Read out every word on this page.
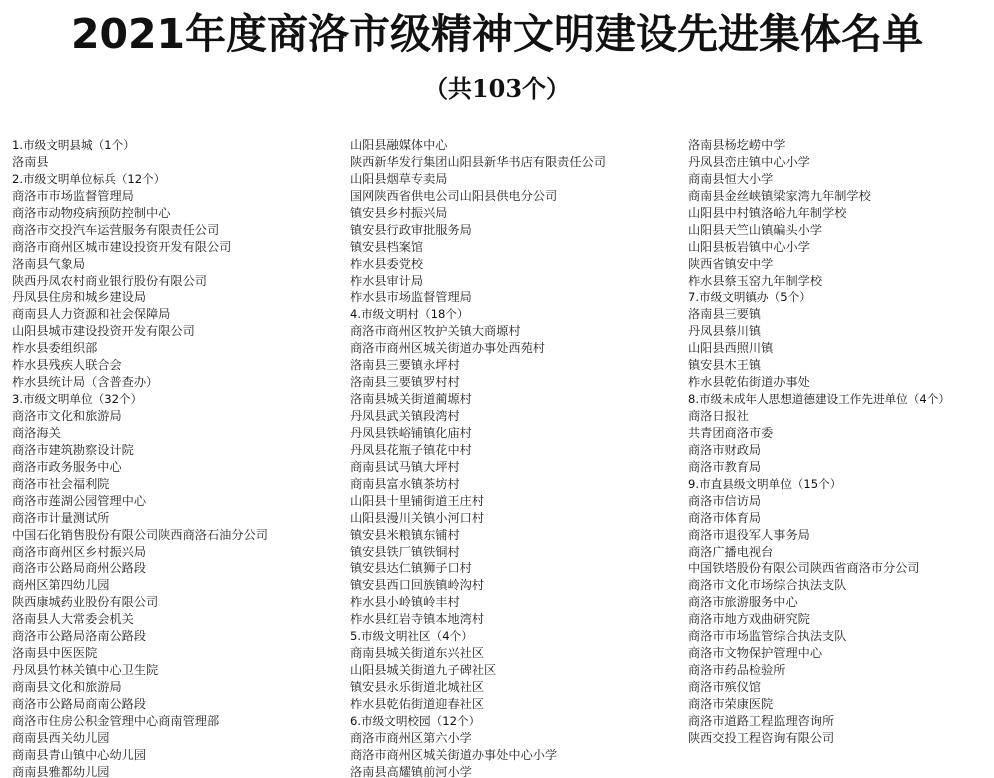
2021年度商洛市级精神文明建设先进集体名单
（共103个）
1.市级文明县城（1个）
洛南县
2.市级文明单位标兵（12个）
商洛市市场监督管理局
商洛市动物疫病预防控制中心
商洛市交投汽车运营服务有限责任公司
商洛市商州区城市建设投资开发有限公司
洛南县气象局
陕西丹凤农村商业银行股份有限公司
丹凤县住房和城乡建设局
商南县人力资源和社会保障局
山阳县城市建设投资开发有限公司
柞水县委组织部
柞水县残疾人联合会
柞水县统计局（含普查办）
3.市级文明单位（32个）
商洛市文化和旅游局
商洛海关
商洛市建筑勘察设计院
商洛市政务服务中心
商洛市社会福利院
商洛市莲湖公园管理中心
商洛市计量测试所
中国石化销售股份有限公司陕西商洛石油分公司
商洛市商州区乡村振兴局
商洛市公路局商州公路段
商州区第四幼儿园
陕西康城药业股份有限公司
洛南县人大常委会机关
商洛市公路局洛南公路段
洛南县中医医院
丹凤县竹林关镇中心卫生院
商南县文化和旅游局
商洛市公路局商南公路段
商洛市住房公积金管理中心商南管理部
商南县西关幼儿园
商南县青山镇中心幼儿园
商南县雅都幼儿园
山阳县融媒体中心
陕西新华发行集团山阳县新华书店有限责任公司
山阳县烟草专卖局
国网陕西省供电公司山阳县供电分公司
镇安县乡村振兴局
镇安县行政审批服务局
镇安县档案馆
柞水县委党校
柞水县审计局
柞水县市场监督管理局
4.市级文明村（18个）
商洛市商州区牧护关镇大商塬村
商洛市商州区城关街道办事处西苑村
洛南县三要镇永坪村
洛南县三要镇罗村村
洛南县城关街道蔺塬村
丹凤县武关镇段湾村
丹凤县铁峪铺镇化庙村
丹凤县花瓶子镇花中村
商南县试马镇大坪村
商南县富水镇茶坊村
山阳县十里铺街道王庄村
山阳县漫川关镇小河口村
镇安县米粮镇东铺村
镇安县铁厂镇铁铜村
镇安县达仁镇狮子口村
镇安县西口回族镇岭沟村
柞水县小岭镇岭丰村
柞水县红岩寺镇本地湾村
5.市级文明社区（4个）
商南县城关街道东兴社区
山阳县城关街道九子碑社区
镇安县永乐街道北城社区
柞水县乾佑街道迎春社区
6.市级文明校园（12个）
商洛市商州区第六小学
商洛市商州区城关街道办事处中心小学
洛南县高耀镇前河小学
洛南县杨圪崂中学
丹凤县峦庄镇中心小学
商南县恒大小学
商南县金丝峡镇梁家湾九年制学校
山阳县中村镇洛峪九年制学校
山阳县天竺山镇碥头小学
山阳县板岩镇中心小学
陕西省镇安中学
柞水县蔡玉窑九年制学校
7.市级文明镇办（5个）
洛南县三要镇
丹凤县蔡川镇
山阳县西照川镇
镇安县木王镇
柞水县乾佑街道办事处
8.市级未成年人思想道德建设工作先进单位（4个）
商洛日报社
共青团商洛市委
商洛市财政局
商洛市教育局
9.市直县级文明单位（15个）
商洛市信访局
商洛市体育局
商洛市退役军人事务局
商洛广播电视台
中国铁塔股份有限公司陕西省商洛市分公司
商洛市文化市场综合执法支队
商洛市旅游服务中心
商洛市地方戏曲研究院
商洛市市场监管综合执法支队
商洛市文物保护管理中心
商洛市药品检验所
商洛市殡仪馆
商洛市荣康医院
商洛市道路工程监理咨询所
陕西交投工程咨询有限公司
